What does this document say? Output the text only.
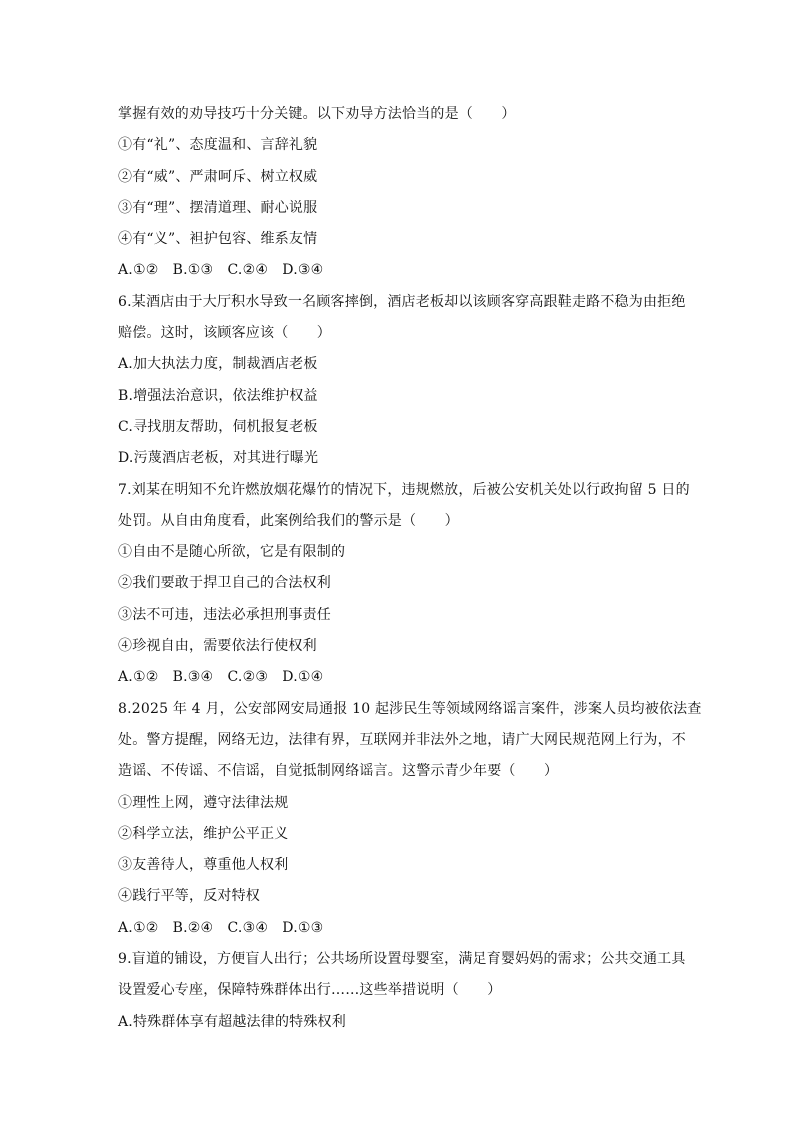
掌握有效的劝导技巧十分关键。以下劝导方法恰当的是（　　）
①有“礼”、态度温和、言辞礼貌
②有“威”、严肃呵斥、树立权威
③有“理”、摆清道理、耐心说服
④有“义”、袒护包容、维系友情
A.①②　B.①③　C.②④　D.③④
6.某酒店由于大厅积水导致一名顾客摔倒，酒店老板却以该顾客穿高跟鞋走路不稳为由拒绝
赔偿。这时，该顾客应该（　　）
A.加大执法力度，制裁酒店老板
B.增强法治意识，依法维护权益
C.寻找朋友帮助，伺机报复老板
D.污蔑酒店老板，对其进行曝光
7.刘某在明知不允许燃放烟花爆竹的情况下，违规燃放，后被公安机关处以行政拘留 5 日的
处罚。从自由角度看，此案例给我们的警示是（　　）
①自由不是随心所欲，它是有限制的
②我们要敢于捍卫自己的合法权利
③法不可违，违法必承担刑事责任
④珍视自由，需要依法行使权利
A.①②　B.③④　C.②③　D.①④
8.2025 年 4 月，公安部网安局通报 10 起涉民生等领域网络谣言案件，涉案人员均被依法查
处。警方提醒，网络无边，法律有界，互联网并非法外之地，请广大网民规范网上行为，不
造谣、不传谣、不信谣，自觉抵制网络谣言。这警示青少年要（　　）
①理性上网，遵守法律法规
②科学立法，维护公平正义
③友善待人，尊重他人权利
④践行平等，反对特权
A.①②　B.②④　C.③④　D.①③
9.盲道的铺设，方便盲人出行；公共场所设置母婴室，满足育婴妈妈的需求；公共交通工具
设置爱心专座，保障特殊群体出行……这些举措说明（　　）
A.特殊群体享有超越法律的特殊权利
